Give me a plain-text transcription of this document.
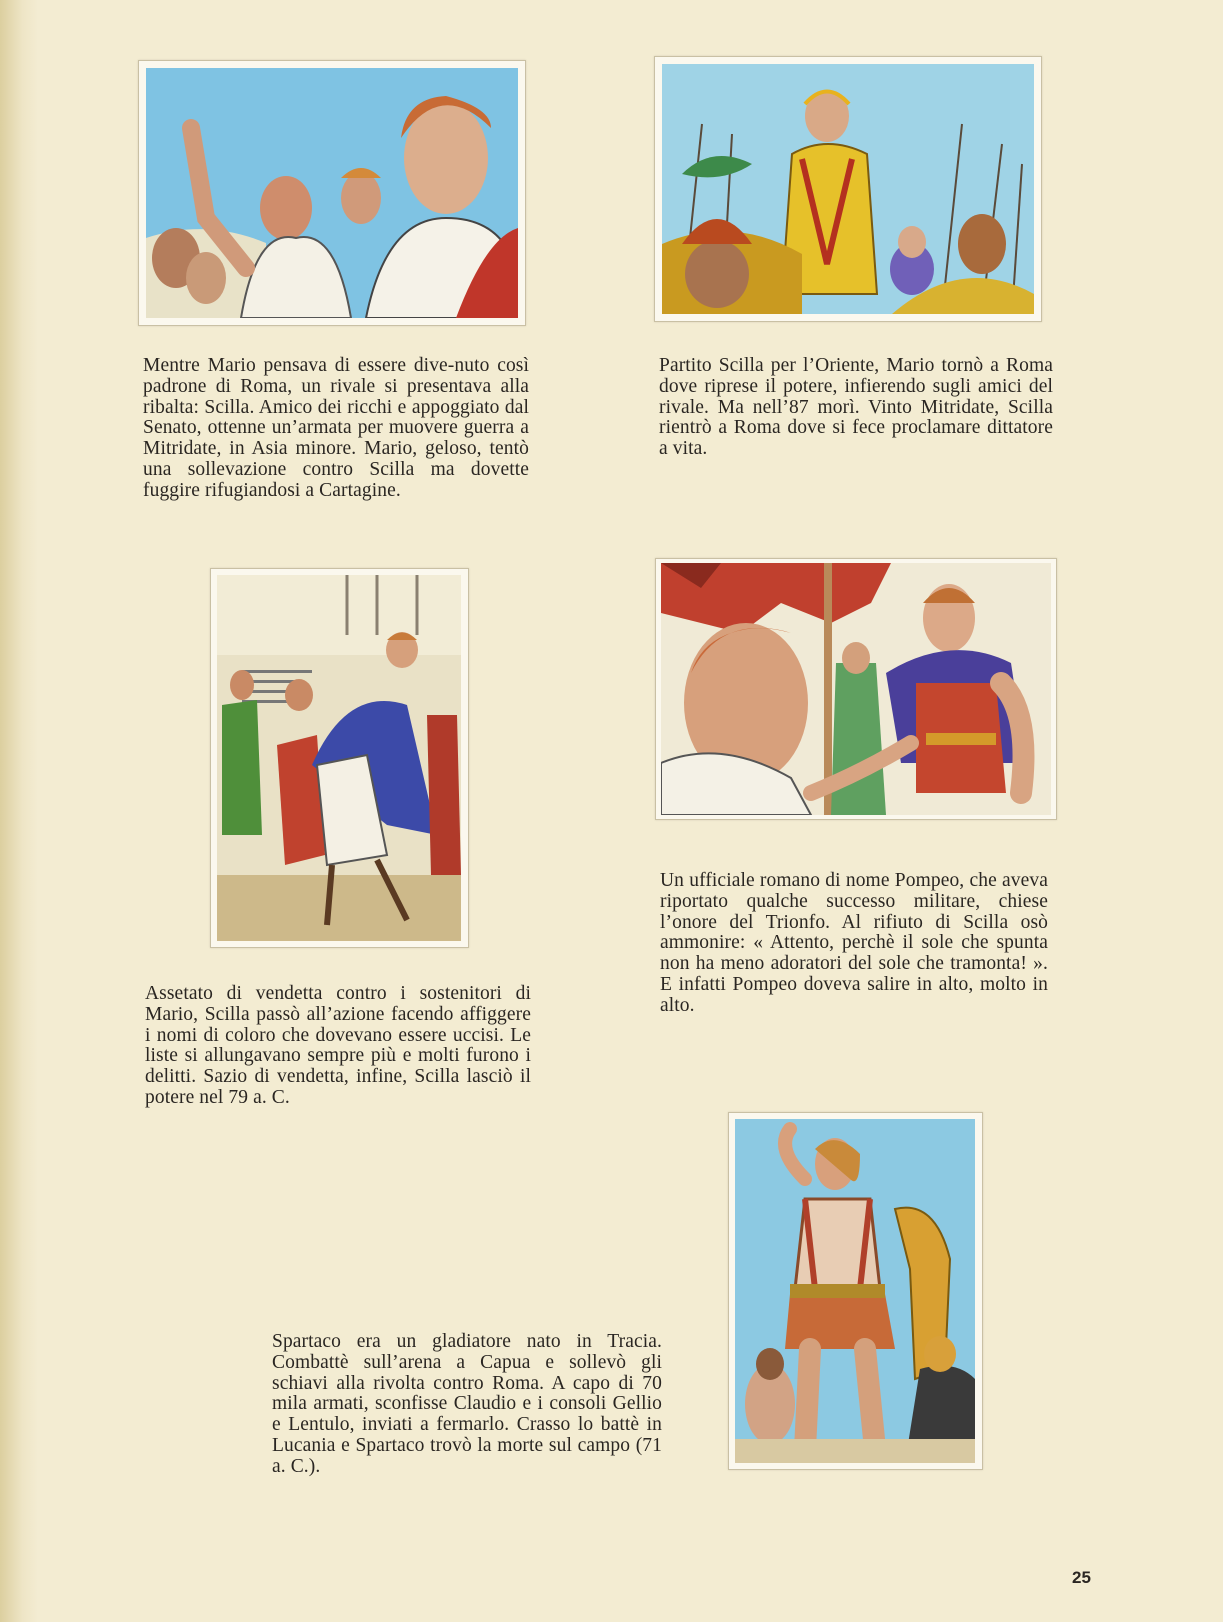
Mentre Mario pensava di essere dive-nuto così padrone di Roma, un rivale si presentava alla ribalta: Scilla. Amico dei ricchi e appoggiato dal Senato, ottenne un’armata per muovere guerra a Mitridate, in Asia minore. Mario, geloso, tentò una sollevazione contro Scilla ma dovette fuggire rifugiandosi a Cartagine.
Partito Scilla per l’Oriente, Mario tornò a Roma dove riprese il potere, infierendo sugli amici del rivale. Ma nell’87 morì. Vinto Mitridate, Scilla rientrò a Roma dove si fece proclamare dittatore a vita.
Assetato di vendetta contro i sostenitori di Mario, Scilla passò all’azione facendo affiggere i nomi di coloro che dovevano essere uccisi. Le liste si allungavano sempre più e molti furono i delitti. Sazio di vendetta, infine, Scilla lasciò il potere nel 79 a. C.
Un ufficiale romano di nome Pompeo, che aveva riportato qualche successo militare, chiese l’onore del Trionfo. Al rifiuto di Scilla osò ammonire: « Attento, perchè il sole che spunta non ha meno adoratori del sole che tramonta! ». E infatti Pompeo doveva salire in alto, molto in alto.
Spartaco era un gladiatore nato in Tracia. Combattè sull’arena a Capua e sollevò gli schiavi alla rivolta contro Roma. A capo di 70 mila armati, sconfisse Claudio e i consoli Gellio e Lentulo, inviati a fermarlo. Crasso lo battè in Lucania e Spartaco trovò la morte sul campo (71 a. C.).
25
